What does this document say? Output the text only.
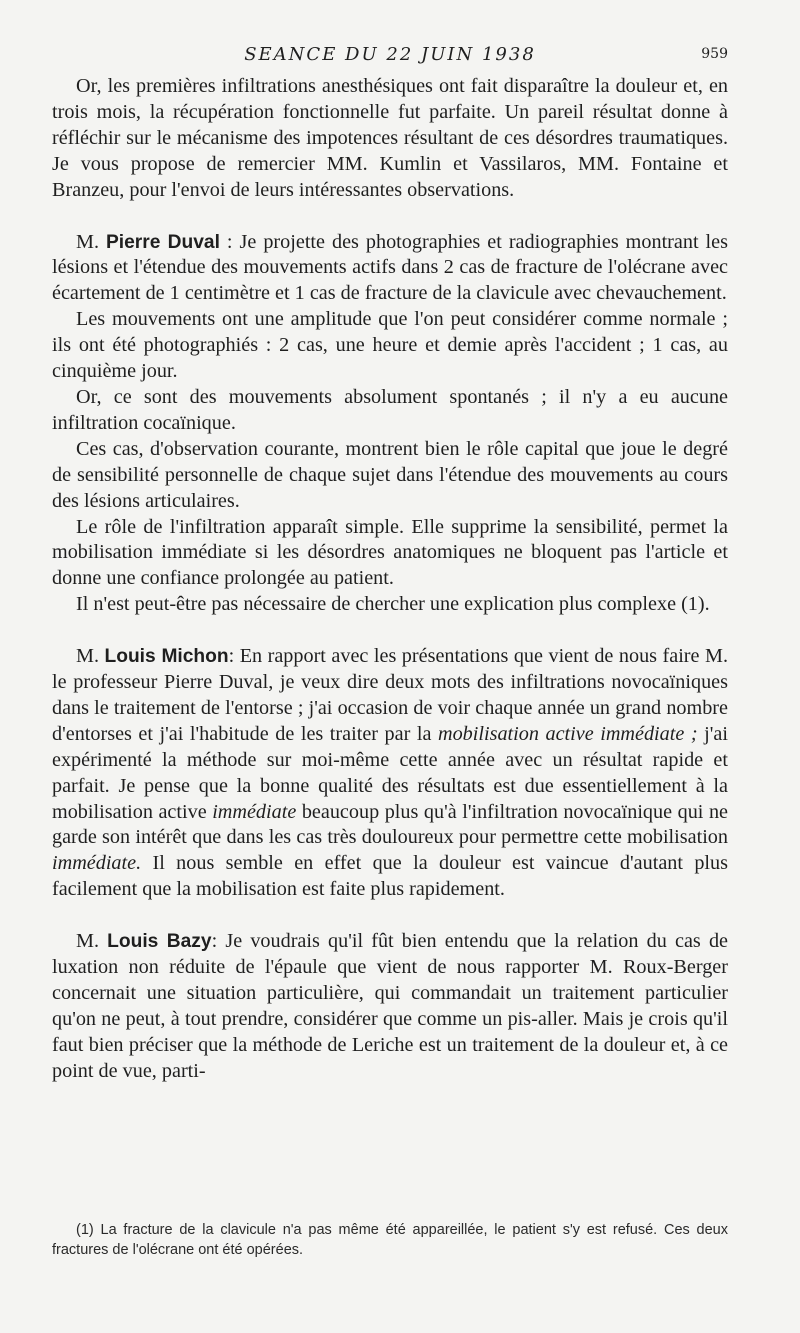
SEANCE DU 22 JUIN 1938	959

Or, les premières infiltrations anesthésiques ont fait disparaître la douleur et, en trois mois, la récupération fonctionnelle fut parfaite. Un pareil résultat donne à réfléchir sur le mécanisme des impotences résultant de ces désordres traumatiques. Je vous propose de remercier MM. Kumlin et Vassilaros, MM. Fontaine et Branzeu, pour l'envoi de leurs intéressantes observations.

M. Pierre Duval : Je projette des photographies et radiographies montrant les lésions et l'étendue des mouvements actifs dans 2 cas de fracture de l'olécrane avec écartement de 1 centimètre et 1 cas de fracture de la clavicule avec chevauchement.

Les mouvements ont une amplitude que l'on peut considérer comme normale ; ils ont été photographiés : 2 cas, une heure et demie après l'accident ; 1 cas, au cinquième jour.

Or, ce sont des mouvements absolument spontanés ; il n'y a eu aucune infiltration cocaïnique.

Ces cas, d'observation courante, montrent bien le rôle capital que joue le degré de sensibilité personnelle de chaque sujet dans l'étendue des mouvements au cours des lésions articulaires.

Le rôle de l'infiltration apparaît simple. Elle supprime la sensibilité, permet la mobilisation immédiate si les désordres anatomiques ne bloquent pas l'article et donne une confiance prolongée au patient.

Il n'est peut-être pas nécessaire de chercher une explication plus complexe (1).

M. Louis Michon: En rapport avec les présentations que vient de nous faire M. le professeur Pierre Duval, je veux dire deux mots des infiltrations novocaïniques dans le traitement de l'entorse ; j'ai occasion de voir chaque année un grand nombre d'entorses et j'ai l'habitude de les traiter par la mobilisation active immédiate ; j'ai expérimenté la méthode sur moi-même cette année avec un résultat rapide et parfait. Je pense que la bonne qualité des résultats est due essentiellement à la mobilisation active immédiate beaucoup plus qu'à l'infiltration novocaïnique qui ne garde son intérêt que dans les cas très douloureux pour permettre cette mobilisation immédiate. Il nous semble en effet que la douleur est vaincue d'autant plus facilement que la mobilisation est faite plus rapidement.

M. Louis Bazy: Je voudrais qu'il fût bien entendu que la relation du cas de luxation non réduite de l'épaule que vient de nous rapporter M. Roux-Berger concernait une situation particulière, qui commandait un traitement particulier qu'on ne peut, à tout prendre, considérer que comme un pis-aller. Mais je crois qu'il faut bien préciser que la méthode de Leriche est un traitement de la douleur et, à ce point de vue, parti-

(1) La fracture de la clavicule n'a pas même été appareillée, le patient s'y est refusé. Ces deux fractures de l'olécrane ont été opérées.
